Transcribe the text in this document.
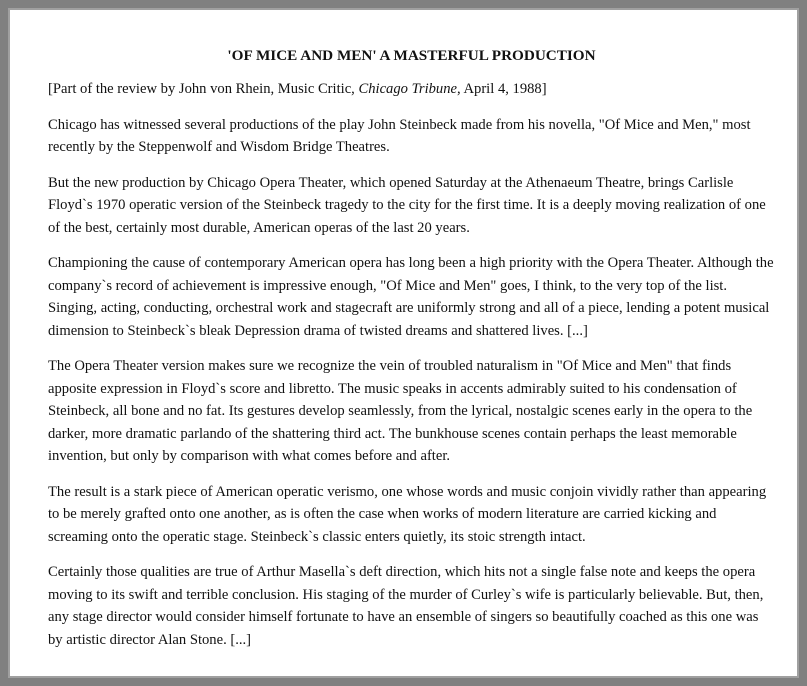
'OF MICE AND MEN' A MASTERFUL PRODUCTION

[Part of the review by John von Rhein, Music Critic, Chicago Tribune, April 4, 1988]

Chicago has witnessed several productions of the play John Steinbeck made from his novella, "Of Mice and Men," most recently by the Steppenwolf and Wisdom Bridge Theatres.

But the new production by Chicago Opera Theater, which opened Saturday at the Athenaeum Theatre, brings Carlisle Floyd`s 1970 operatic version of the Steinbeck tragedy to the city for the first time. It is a deeply moving realization of one of the best, certainly most durable, American operas of the last 20 years.

Championing the cause of contemporary American opera has long been a high priority with the Opera Theater. Although the company`s record of achievement is impressive enough, "Of Mice and Men" goes, I think, to the very top of the list. Singing, acting, conducting, orchestral work and stagecraft are uniformly strong and all of a piece, lending a potent musical dimension to Steinbeck`s bleak Depression drama of twisted dreams and shattered lives. [...]

The Opera Theater version makes sure we recognize the vein of troubled naturalism in "Of Mice and Men" that finds apposite expression in Floyd`s score and libretto. The music speaks in accents admirably suited to his condensation of Steinbeck, all bone and no fat. Its gestures develop seamlessly, from the lyrical, nostalgic scenes early in the opera to the darker, more dramatic parlando of the shattering third act. The bunkhouse scenes contain perhaps the least memorable invention, but only by comparison with what comes before and after.

The result is a stark piece of American operatic verismo, one whose words and music conjoin vividly rather than appearing to be merely grafted onto one another, as is often the case when works of modern literature are carried kicking and screaming onto the operatic stage. Steinbeck`s classic enters quietly, its stoic strength intact.

Certainly those qualities are true of Arthur Masella`s deft direction, which hits not a single false note and keeps the opera moving to its swift and terrible conclusion. His staging of the murder of Curley`s wife is particularly believable. But, then, any stage director would consider himself fortunate to have an ensemble of singers so beautifully coached as this one was by artistic director Alan Stone. [...]
